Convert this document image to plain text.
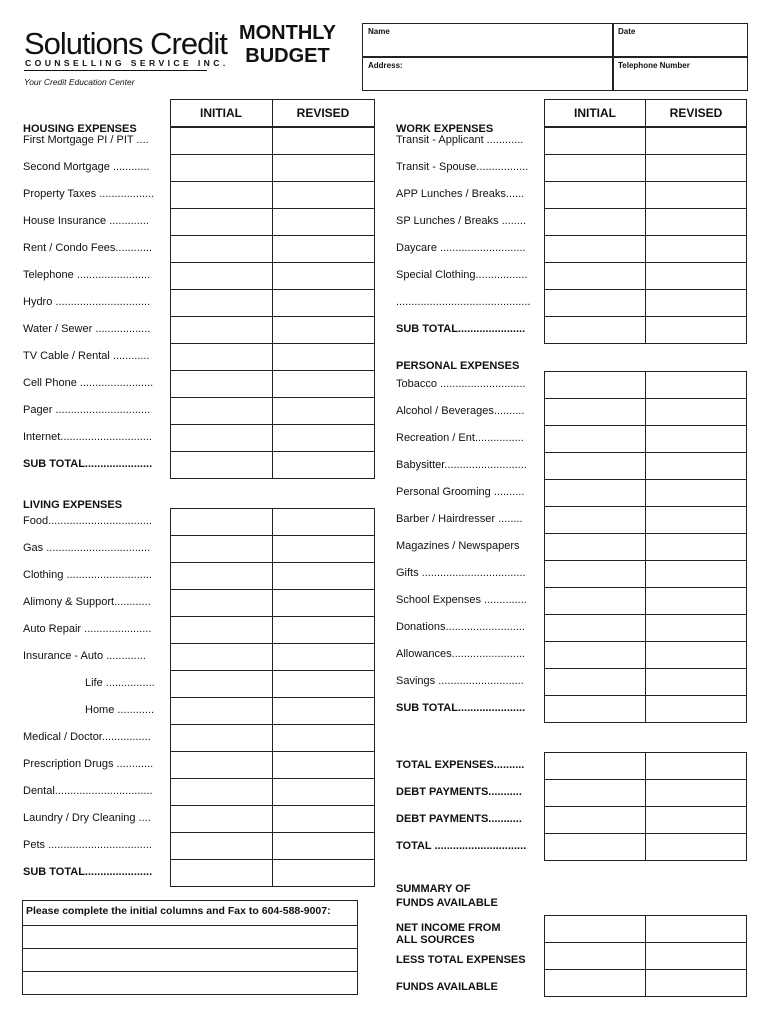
Solutions Credit
COUNSELLING SERVICE INC.
Your Credit Education Center
MONTHLY
BUDGET
Name	Date
Address:	Telephone Number
INITIAL	REVISED	INITIAL	REVISED
HOUSING EXPENSES
LIVING EXPENSES
WORK EXPENSES
PERSONAL EXPENSES
SUMMARY OF
FUNDS AVAILABLE
NET INCOME FROM
ALL SOURCES
LESS TOTAL EXPENSES
FUNDS AVAILABLE
Please complete the initial columns and Fax to 604-588-9007:
First Mortgage PI / PIT ....
Second Mortgage ............
Property Taxes ..................
House Insurance .............
Rent / Condo Fees............
Telephone ........................
Hydro ...............................
Water / Sewer ..................
TV Cable / Rental ............
Cell Phone ........................
Pager ...............................
Internet..............................
SUB TOTAL......................
Food..................................
Gas ..................................
Clothing ............................
Alimony & Support............
Auto Repair ......................
Insurance - Auto .............
Life ................
Home ............
Medical / Doctor................
Prescription Drugs ............
Dental................................
Laundry / Dry Cleaning ....
Pets ..................................
SUB TOTAL......................
Transit - Applicant ............
Transit - Spouse.................
APP Lunches / Breaks......
SP Lunches / Breaks ........
Daycare ............................
Special Clothing.................
............................................
SUB TOTAL......................
Tobacco ............................
Alcohol / Beverages..........
Recreation / Ent................
Babysitter...........................
Personal Grooming ..........
Barber / Hairdresser ........
Magazines / Newspapers
Gifts ..................................
School Expenses ..............
Donations..........................
Allowances........................
Savings ............................
SUB TOTAL......................
TOTAL EXPENSES..........
DEBT PAYMENTS...........
DEBT PAYMENTS...........
TOTAL ..............................
